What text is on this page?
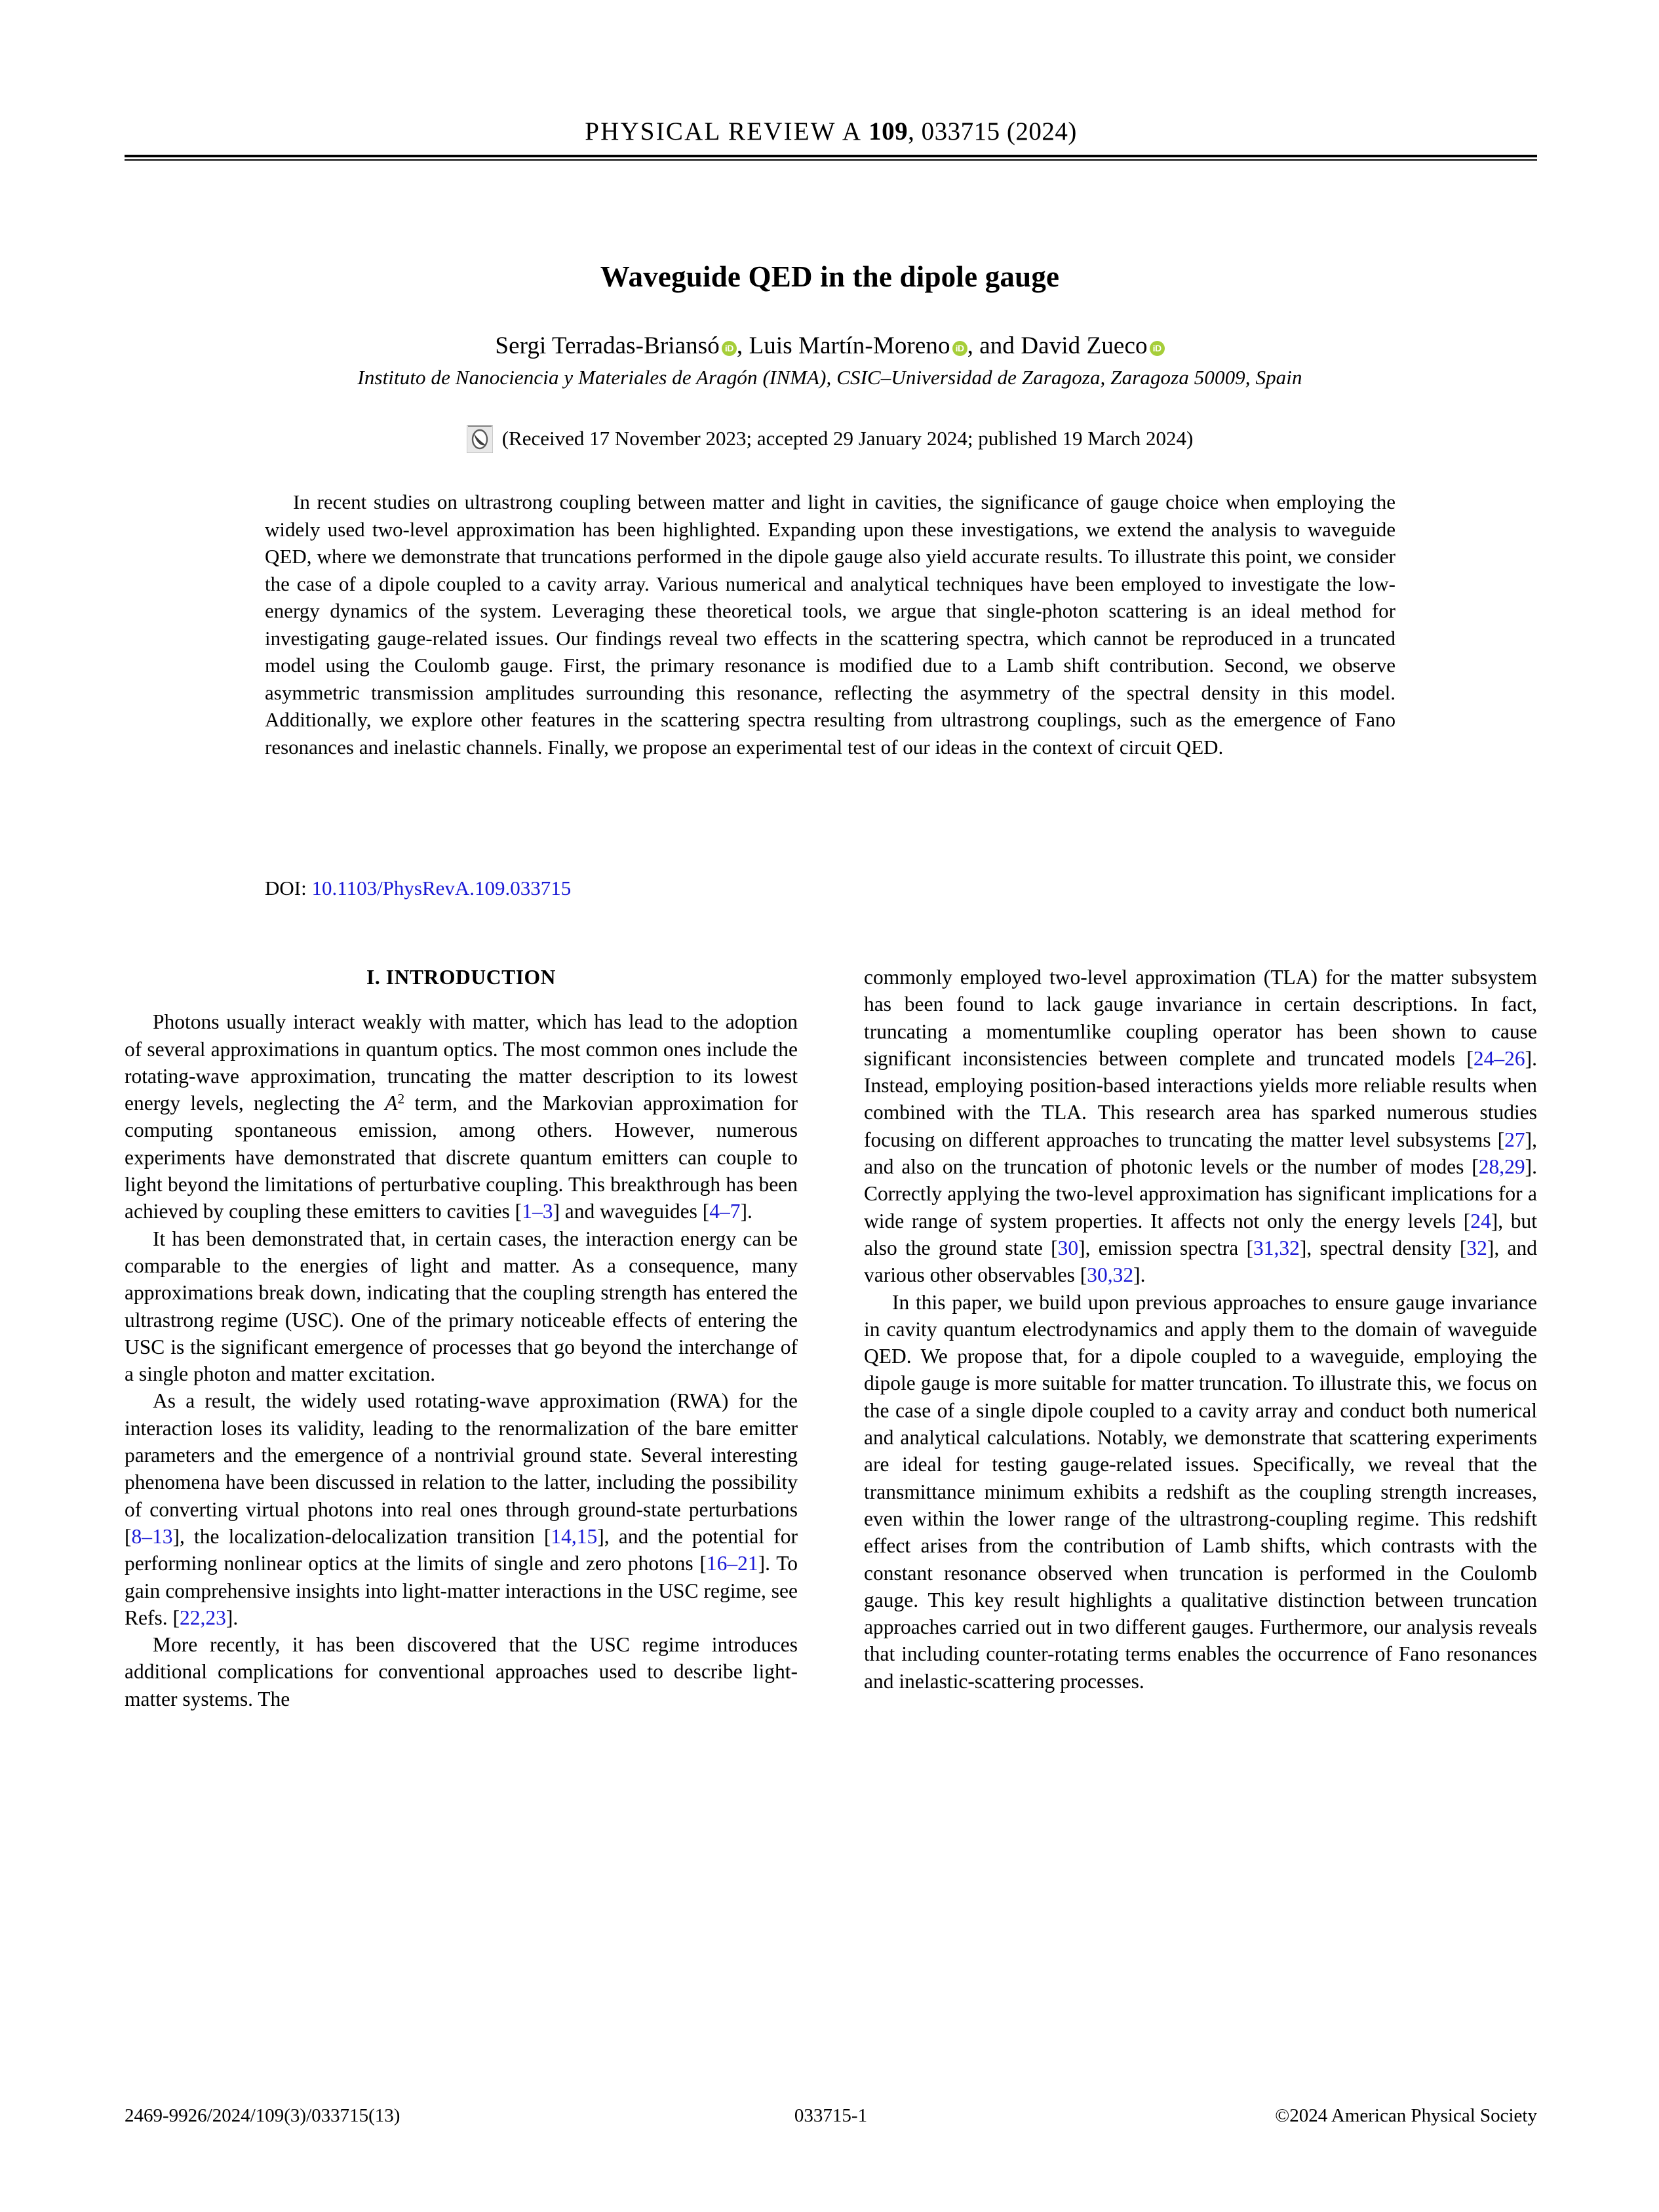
PHYSICAL REVIEW A 109, 033715 (2024)
Waveguide QED in the dipole gauge
Sergi Terradas-Briansó iD , Luis Martín-Moreno iD , and David Zueco iD
Instituto de Nanociencia y Materiales de Aragón (INMA), CSIC–Universidad de Zaragoza, Zaragoza 50009, Spain
(Received 17 November 2023; accepted 29 January 2024; published 19 March 2024)
In recent studies on ultrastrong coupling between matter and light in cavities, the significance of gauge choice when employing the widely used two-level approximation has been highlighted. Expanding upon these investigations, we extend the analysis to waveguide QED, where we demonstrate that truncations performed in the dipole gauge also yield accurate results. To illustrate this point, we consider the case of a dipole coupled to a cavity array. Various numerical and analytical techniques have been employed to investigate the low-energy dynamics of the system. Leveraging these theoretical tools, we argue that single-photon scattering is an ideal method for investigating gauge-related issues. Our findings reveal two effects in the scattering spectra, which cannot be reproduced in a truncated model using the Coulomb gauge. First, the primary resonance is modified due to a Lamb shift contribution. Second, we observe asymmetric transmission amplitudes surrounding this resonance, reflecting the asymmetry of the spectral density in this model. Additionally, we explore other features in the scattering spectra resulting from ultrastrong couplings, such as the emergence of Fano resonances and inelastic channels. Finally, we propose an experimental test of our ideas in the context of circuit QED.
DOI: 10.1103/PhysRevA.109.033715
I. INTRODUCTION

Photons usually interact weakly with matter, which has lead to the adoption of several approximations in quantum optics. The most common ones include the rotating-wave approximation, truncating the matter description to its lowest energy levels, neglecting the $A^2$ term, and the Markovian approximation for computing spontaneous emission, among others. However, numerous experiments have demonstrated that discrete quantum emitters can couple to light beyond the limitations of perturbative coupling. This breakthrough has been achieved by coupling these emitters to cavities [1–3] and waveguides [4–7].

It has been demonstrated that, in certain cases, the interaction energy can be comparable to the energies of light and matter. As a consequence, many approximations break down, indicating that the coupling strength has entered the ultrastrong regime (USC). One of the primary noticeable effects of entering the USC is the significant emergence of processes that go beyond the interchange of a single photon and matter excitation.

As a result, the widely used rotating-wave approximation (RWA) for the interaction loses its validity, leading to the renormalization of the bare emitter parameters and the emergence of a nontrivial ground state. Several interesting phenomena have been discussed in relation to the latter, including the possibility of converting virtual photons into real ones through ground-state perturbations [8–13], the localization-delocalization transition [14,15], and the potential for performing nonlinear optics at the limits of single and zero photons [16–21]. To gain comprehensive insights into light-matter interactions in the USC regime, see Refs. [22,23].

More recently, it has been discovered that the USC regime introduces additional complications for conventional approaches used to describe light-matter systems. The

commonly employed two-level approximation (TLA) for the matter subsystem has been found to lack gauge invariance in certain descriptions. In fact, truncating a momentumlike coupling operator has been shown to cause significant inconsistencies between complete and truncated models [24–26]. Instead, employing position-based interactions yields more reliable results when combined with the TLA. This research area has sparked numerous studies focusing on different approaches to truncating the matter level subsystems [27], and also on the truncation of photonic levels or the number of modes [28,29]. Correctly applying the two-level approximation has significant implications for a wide range of system properties. It affects not only the energy levels [24], but also the ground state [30], emission spectra [31,32], spectral density [32], and various other observables [30,32].

In this paper, we build upon previous approaches to ensure gauge invariance in cavity quantum electrodynamics and apply them to the domain of waveguide QED. We propose that, for a dipole coupled to a waveguide, employing the dipole gauge is more suitable for matter truncation. To illustrate this, we focus on the case of a single dipole coupled to a cavity array and conduct both numerical and analytical calculations. Notably, we demonstrate that scattering experiments are ideal for testing gauge-related issues. Specifically, we reveal that the transmittance minimum exhibits a redshift as the coupling strength increases, even within the lower range of the ultrastrong-coupling regime. This redshift effect arises from the contribution of Lamb shifts, which contrasts with the constant resonance observed when truncation is performed in the Coulomb gauge. This key result highlights a qualitative distinction between truncation approaches carried out in two different gauges. Furthermore, our analysis reveals that including counter-rotating terms enables the occurrence of Fano resonances and inelastic-scattering processes.

2469-9926/2024/109(3)/033715(13)	033715-1	©2024 American Physical Society
